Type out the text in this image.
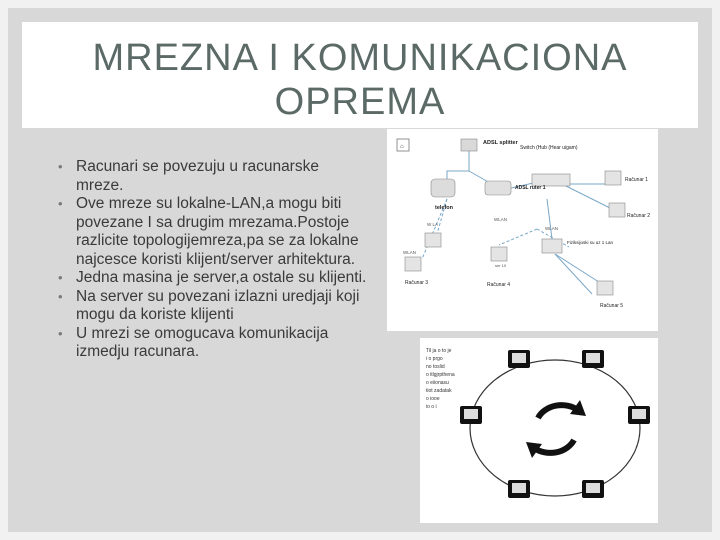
MREZNA I KOMUNIKACIONA OPREMA
• Racunari se povezuju u racunarske mreze.
• Ove mreze su lokalne-LAN,a mogu biti povezane I sa drugim mrezama.Postoje razlicite topologijemreza,pa se za lokalne najcesce koristi klijent/server arhitektura.
• Jedna masina je server,a ostale su klijenti.
• Na server su povezani izlazni uredjaji koji mogu da koriste klijenti
• U mrezi se omogucava komunikacija izmedju racunara.
⌂
ADSL splitter
Switch (Hub (Hear uigam)
telefon
ADSL ruter 1
Računar 1
Računar 2
Računar 3	Računar 4
Računar 5
Fiziksijoski su uz 1 Lan
W LA
WLAN
WLAN
WLAN
ser 10
Til ja o to je
i o prgo
no toslid
o itlgjrpthena
o eiionasu
tiot zadatak
o iooe
io o i
